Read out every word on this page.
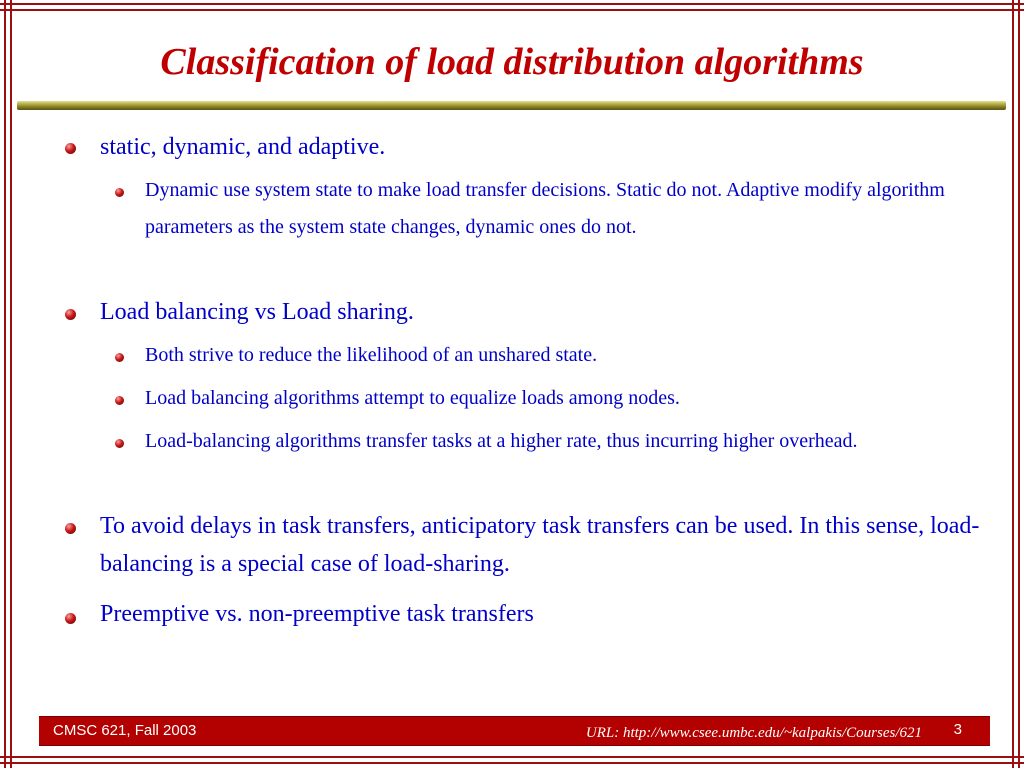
Classification of load distribution algorithms
static, dynamic, and adaptive.
Dynamic use system state to make load transfer decisions. Static do not. Adaptive modify algorithm parameters as the system state changes, dynamic ones do not.
Load balancing vs Load sharing.
Both strive to reduce the likelihood of an unshared state.
Load balancing algorithms attempt to equalize loads among nodes.
Load-balancing algorithms transfer tasks at a higher rate, thus incurring higher overhead.
To avoid delays in task transfers, anticipatory task transfers can be used. In this sense, load-balancing is a special case of load-sharing.
Preemptive vs. non-preemptive task transfers
CMSC 621, Fall 2003	URL: http://www.csee.umbc.edu/~kalpakis/Courses/621 3
